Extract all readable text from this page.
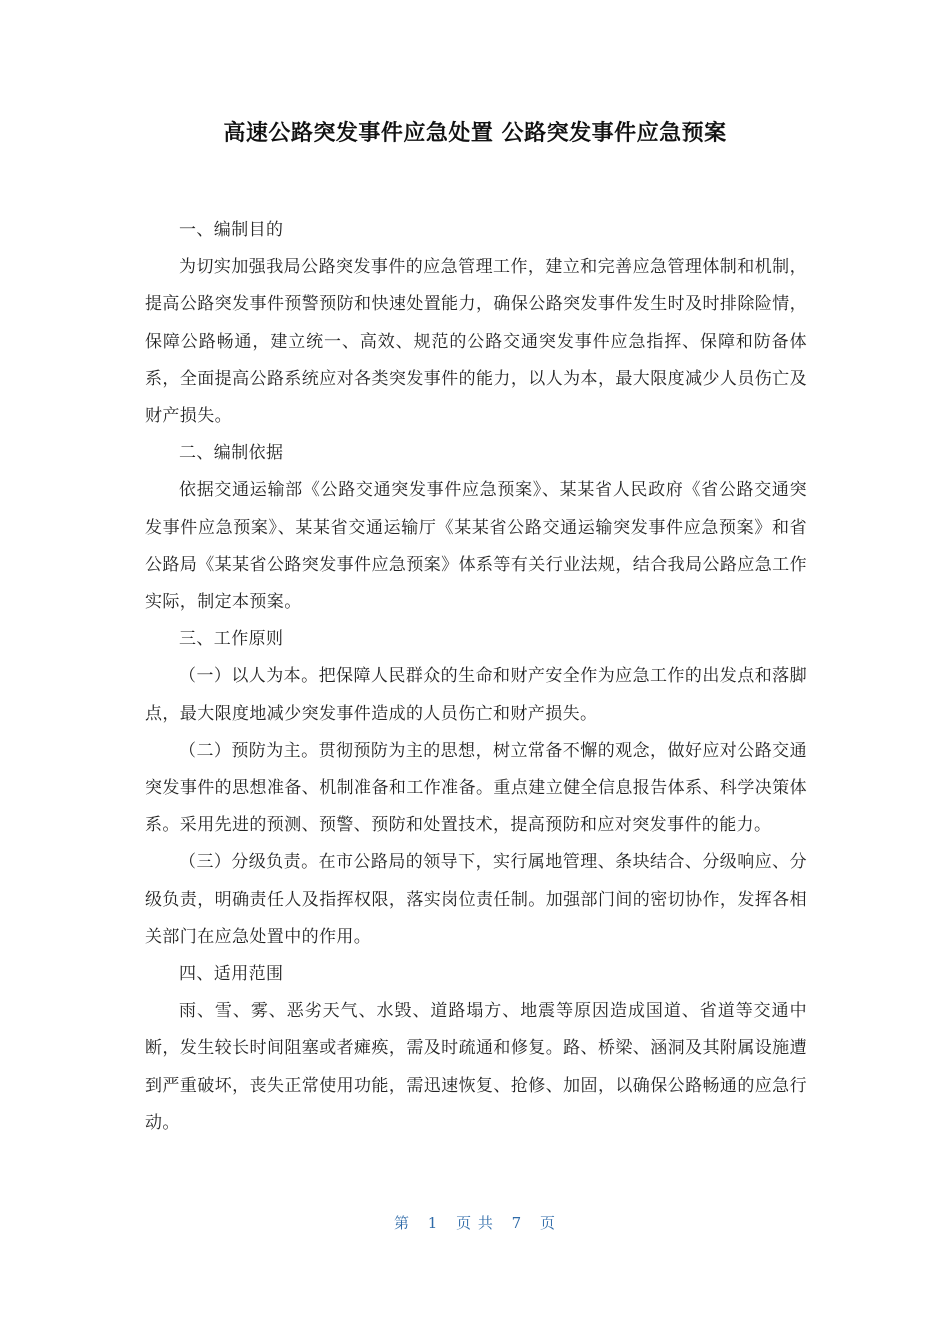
高速公路突发事件应急处置 公路突发事件应急预案

一、编制目的

为切实加强我局公路突发事件的应急管理工作，建立和完善应急管理体制和机制，提高公路突发事件预警预防和快速处置能力，确保公路突发事件发生时及时排除险情，保障公路畅通，建立统一、高效、规范的公路交通突发事件应急指挥、保障和防备体系，全面提高公路系统应对各类突发事件的能力，以人为本，最大限度减少人员伤亡及财产损失。

二、编制依据

依据交通运输部《公路交通突发事件应急预案》、某某省人民政府《省公路交通突发事件应急预案》、某某省交通运输厅《某某省公路交通运输突发事件应急预案》和省公路局《某某省公路突发事件应急预案》体系等有关行业法规，结合我局公路应急工作实际，制定本预案。

三、工作原则

（一）以人为本。把保障人民群众的生命和财产安全作为应急工作的出发点和落脚点，最大限度地减少突发事件造成的人员伤亡和财产损失。

（二）预防为主。贯彻预防为主的思想，树立常备不懈的观念，做好应对公路交通突发事件的思想准备、机制准备和工作准备。重点建立健全信息报告体系、科学决策体系。采用先进的预测、预警、预防和处置技术，提高预防和应对突发事件的能力。

（三）分级负责。在市公路局的领导下，实行属地管理、条块结合、分级响应、分级负责，明确责任人及指挥权限，落实岗位责任制。加强部门间的密切协作，发挥各相关部门在应急处置中的作用。

四、适用范围

雨、雪、雾、恶劣天气、水毁、道路塌方、地震等原因造成国道、省道等交通中断，发生较长时间阻塞或者瘫痪，需及时疏通和修复。路、桥梁、涵洞及其附属设施遭到严重破坏，丧失正常使用功能，需迅速恢复、抢修、加固，以确保公路畅通的应急行动。

第 1 页 共 7 页
